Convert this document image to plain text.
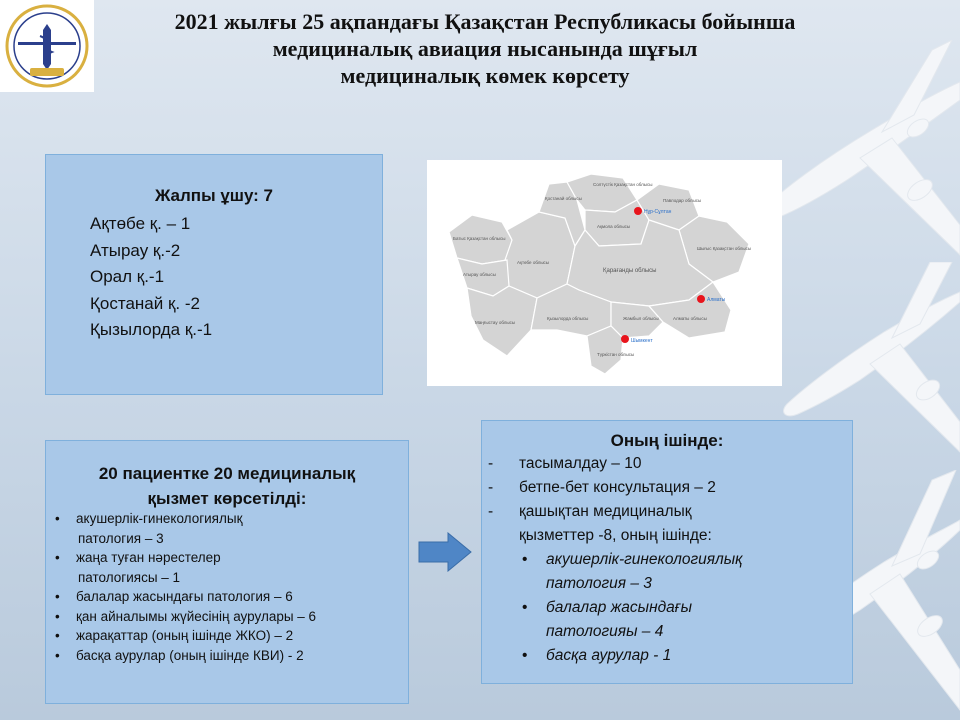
2021 жылғы 25 ақпандағы Қазақстан Республикасы бойынша
медициналық авиация нысанында шұғыл
медициналық көмек көрсету
Жалпы ұшу: 7
Ақтөбе қ. – 1
Атырау қ.-2
Орал қ.-1
Қостанай қ. -2
Қызылорда қ.-1
Солтүстік Қазақстан облысы
Қостанай облысы	Павлодар облысы
Ақмола облысы
Батыс Қазақстан облысы
Ақтөбе облысы
Шығыс Қазақстан облысы
Атырау облысы
Қарағанды облысы
Маңғыстау облысы
Қызылорда облысы	Алматы облысы
Жамбыл облысы
Түркістан облысы
Нұр-Сұлтан
Алматы
Шымкент
20 пациентке 20 медициналық
қызмет көрсетілді:
• акушерлік-гинекологиялық
патология – 3
• жаңа туған нәрестелер
патологиясы – 1
• балалар жасындағы патология – 6
• қан айналымы жүйесінің аурулары – 6
• жарақаттар (оның ішінде ЖКО) – 2
• басқа аурулар (оның ішінде КВИ) - 2
Оның ішінде:
- тасымалдау – 10
- бетпе-бет консультация – 2
- қашықтан медициналық
қызметтер -8, оның ішінде:
• акушерлік-гинекологиялық
патология – 3
• балалар жасындағы
патологияы – 4
• басқа аурулар - 1
